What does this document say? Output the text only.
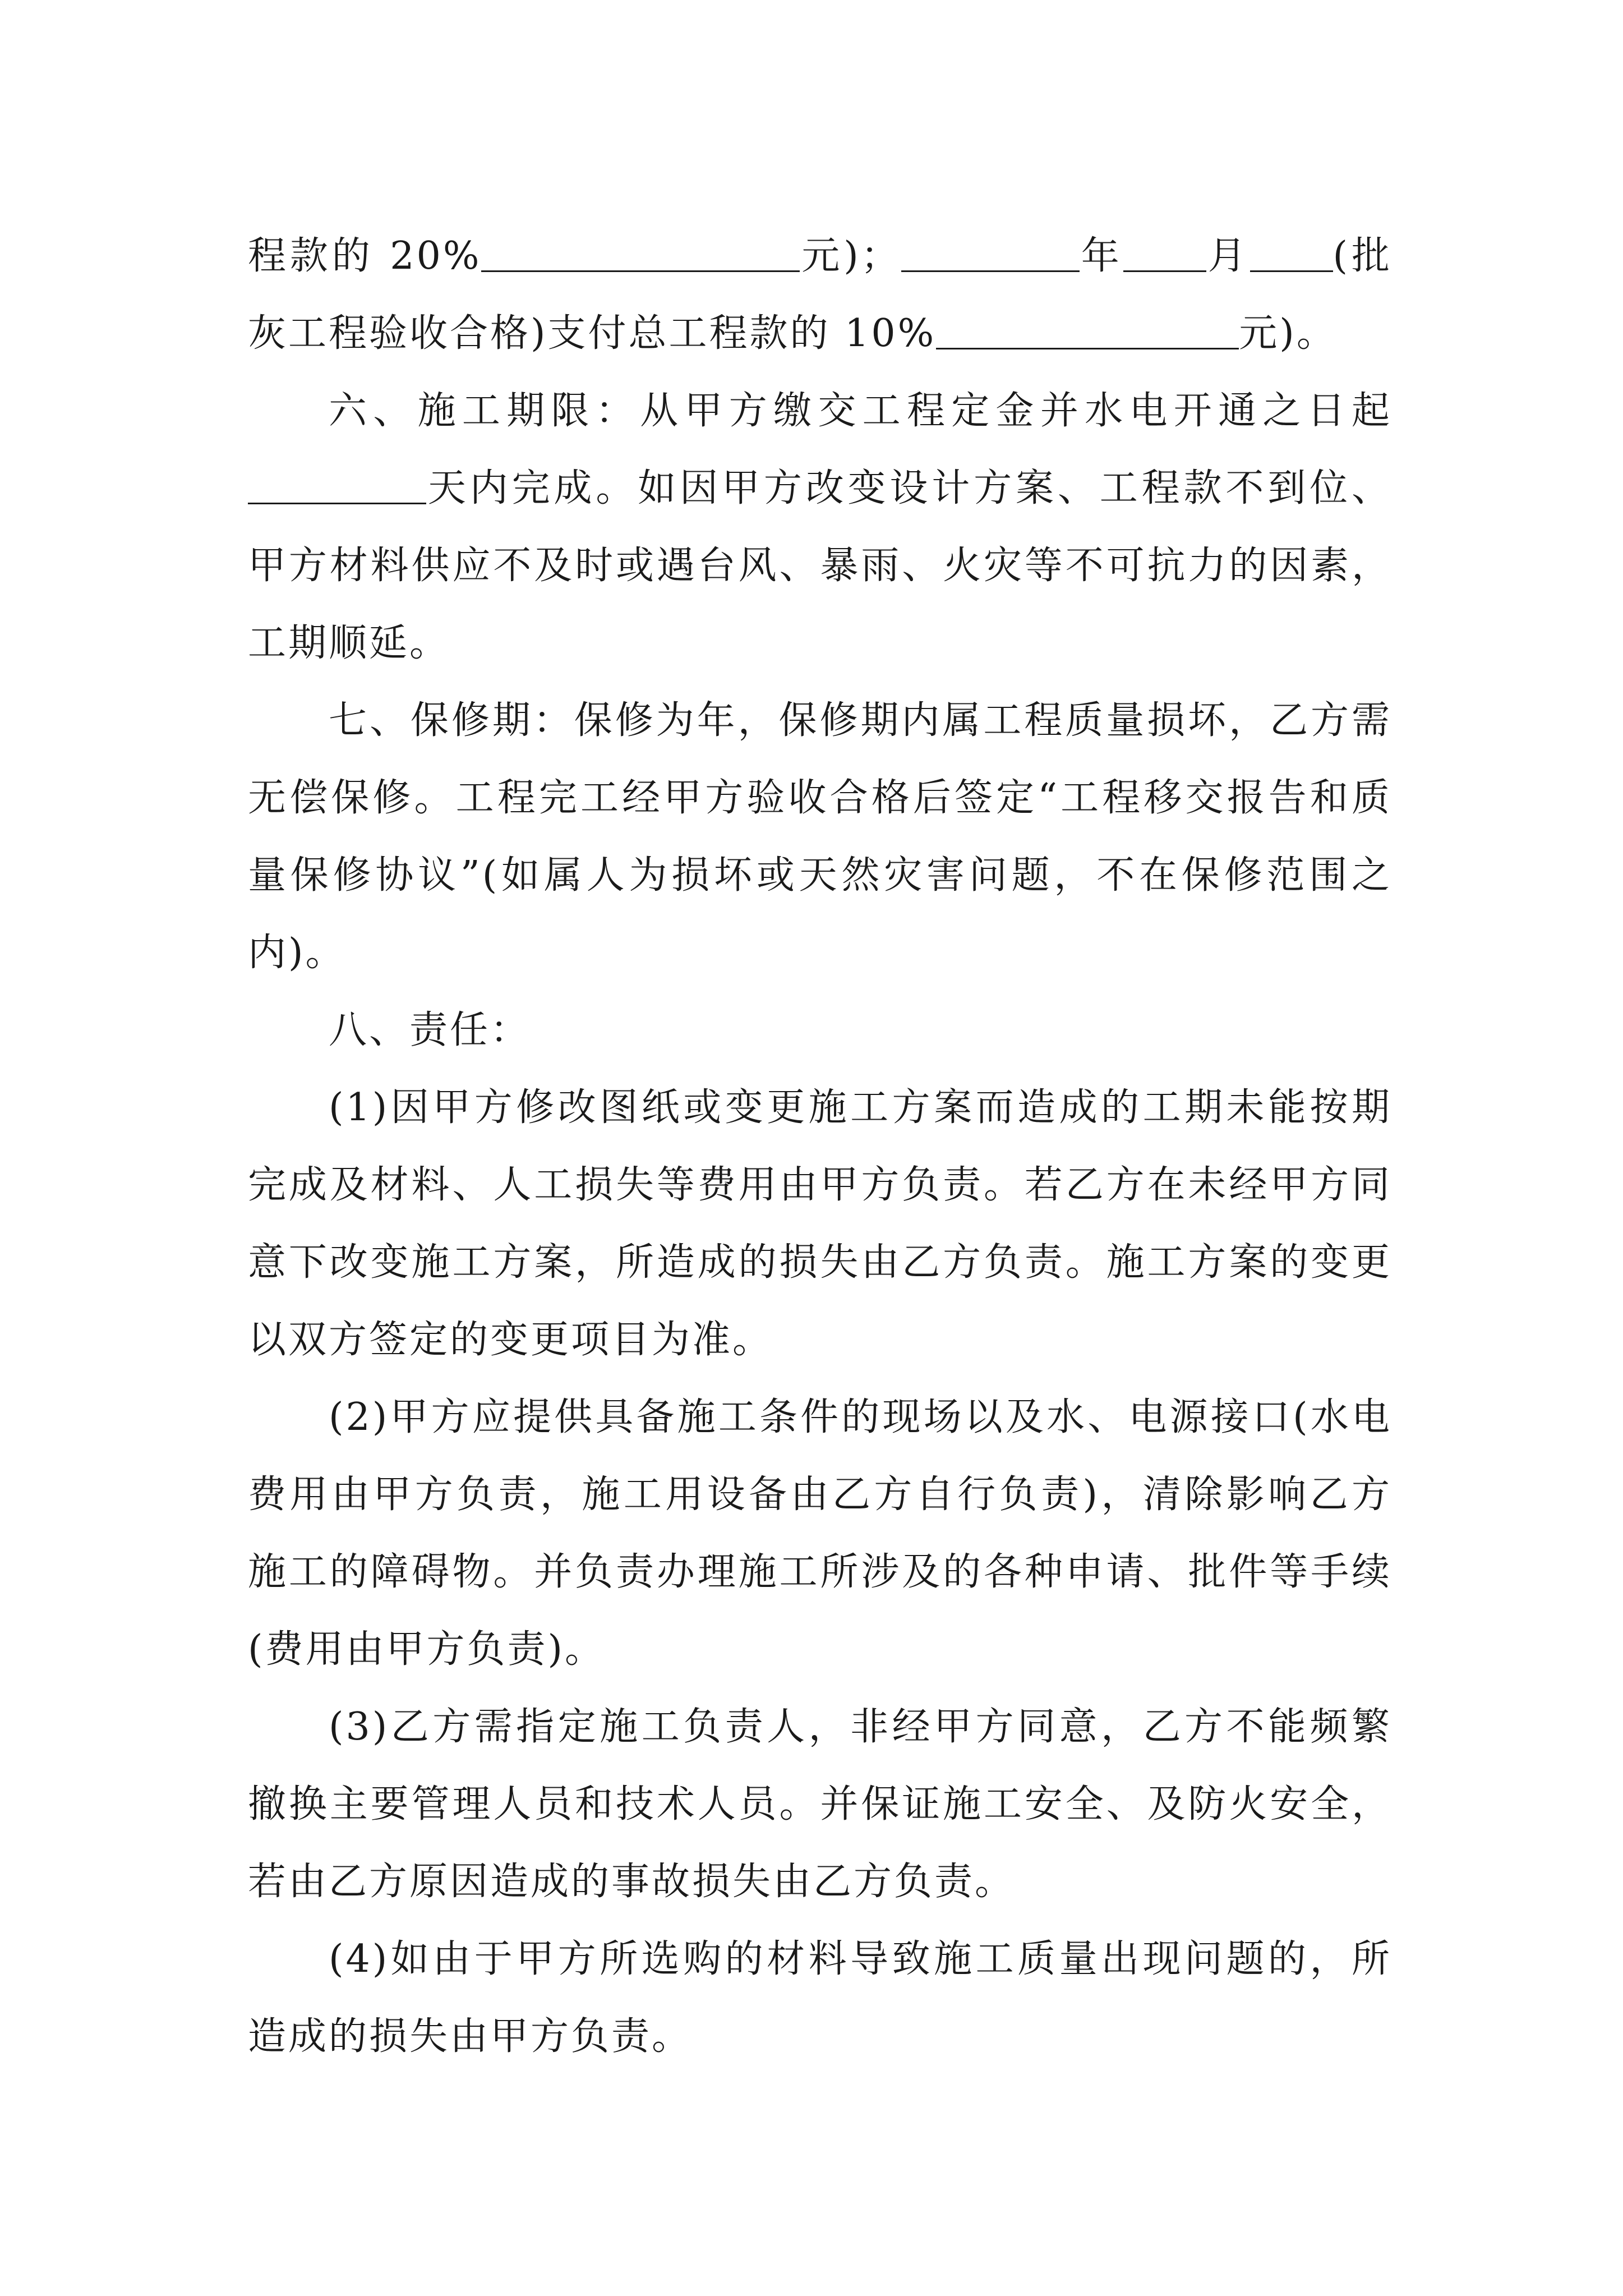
程款的 20%	元)；	年 月 (批灰工程验收合格)支付总工程款的 10%	元)。

六、施工期限：从甲方缴交工程定金并水电开通之日起天内完成。如因甲方改变设计方案、工程款不到位、甲方材料供应不及时或遇台风、暴雨、火灾等不可抗力的因素，工期顺延。

七、保修期：保修为年，保修期内属工程质量损坏，乙方需无偿保修。工程完工经甲方验收合格后签定“工程移交报告和质量保修协议”(如属人为损坏或天然灾害问题，不在保修范围之内)。

八、责任：

(1)因甲方修改图纸或变更施工方案而造成的工期未能按期完成及材料、人工损失等费用由甲方负责。若乙方在未经甲方同意下改变施工方案，所造成的损失由乙方负责。施工方案的变更以双方签定的变更项目为准。

(2)甲方应提供具备施工条件的现场以及水、电源接口(水电费用由甲方负责，施工用设备由乙方自行负责)，清除影响乙方施工的障碍物。并负责办理施工所涉及的各种申请、批件等手续(费用由甲方负责)。

(3)乙方需指定施工负责人，非经甲方同意，乙方不能频繁撤换主要管理人员和技术人员。并保证施工安全、及防火安全，若由乙方原因造成的事故损失由乙方负责。

(4)如由于甲方所选购的材料导致施工质量出现问题的，所造成的损失由甲方负责。
